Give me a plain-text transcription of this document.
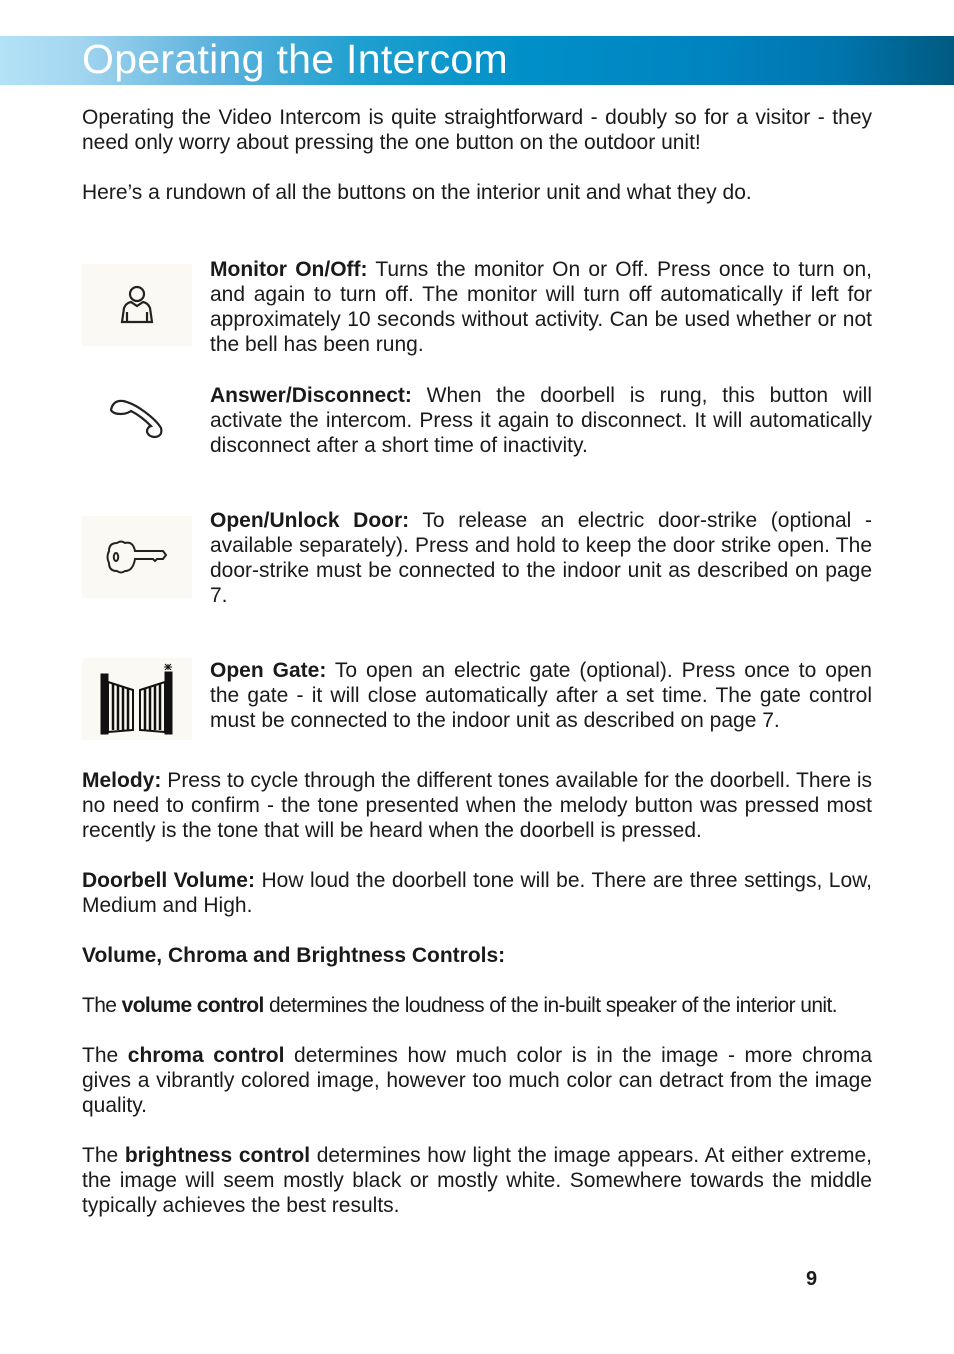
Operating the Intercom

Operating the Video Intercom is quite straightforward - doubly so for a visitor - they need only worry about pressing the one button on the outdoor unit!

Here’s a rundown of all the buttons on the interior unit and what they do.

Monitor On/Off: Turns the monitor On or Off. Press once to turn on, and again to turn off. The monitor will turn off automatically if left for approximately 10 seconds without activity. Can be used whether or not the bell has been rung.

Answer/Disconnect: When the doorbell is rung, this button will activate the intercom. Press it again to disconnect. It will automatically disconnect after a short time of inactivity.

Open/Unlock Door: To release an electric door-strike (optional - available separately). Press and hold to keep the door strike open. The door-strike must be connected to the indoor unit as described on page 7.

Open Gate: To open an electric gate (optional). Press once to open the gate - it will close automatically after a set time. The gate control must be connected to the indoor unit as described on page 7.

Melody: Press to cycle through the different tones available for the doorbell. There is no need to confirm - the tone presented when the melody button was pressed most recently is the tone that will be heard when the doorbell is pressed.

Doorbell Volume: How loud the doorbell tone will be. There are three settings, Low, Medium and High.

Volume, Chroma and Brightness Controls:

The volume control determines the loudness of the in-built speaker of the interior unit.

The chroma control determines how much color is in the image - more chroma gives a vibrantly colored image, however too much color can detract from the image quality.

The brightness control determines how light the image appears. At either extreme, the image will seem mostly black or mostly white. Somewhere towards the middle typically achieves the best results.

9
